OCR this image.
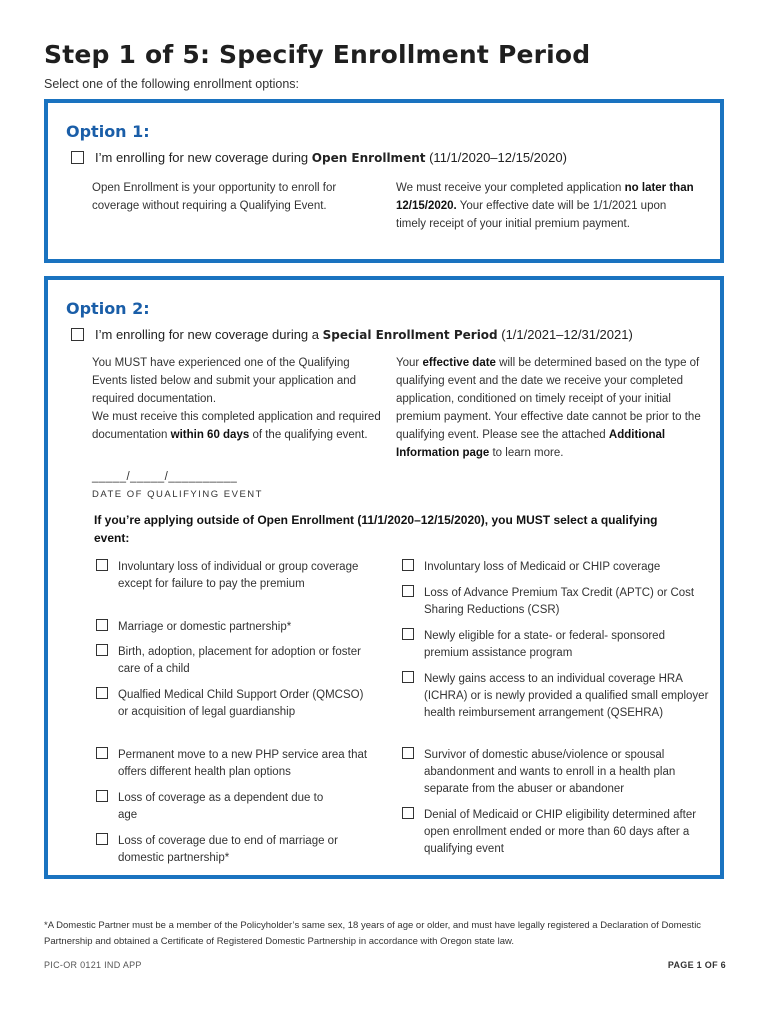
Step 1 of 5: Specify Enrollment Period
Select one of the following enrollment options:
Option 1:
I’m enrolling for new coverage during Open Enrollment (11/1/2020–12/15/2020)
Open Enrollment is your opportunity to enroll for coverage without requiring a Qualifying Event.
We must receive your completed application no later than 12/15/2020. Your effective date will be 1/1/2021 upon timely receipt of your initial premium payment.
Option 2:
I’m enrolling for new coverage during a Special Enrollment Period (1/1/2021–12/31/2021)
You MUST have experienced one of the Qualifying Events listed below and submit your application and required documentation.
We must receive this completed application and required documentation within 60 days of the qualifying event.
_____/_____/__________
DATE OF QUALIFYING EVENT
Your effective date will be determined based on the type of qualifying event and the date we receive your completed application, conditioned on timely receipt of your initial premium payment. Your effective date cannot be prior to the qualifying event. Please see the attached Additional Information page to learn more.
If you’re applying outside of Open Enrollment (11/1/2020–12/15/2020), you MUST select a qualifying event:
Involuntary loss of individual or group coverage except for failure to pay the premium
Marriage or domestic partnership*
Birth, adoption, placement for adoption or foster care of a child
Qualfied Medical Child Support Order (QMCSO) or acquisition of legal guardianship
Permanent move to a new PHP service area that offers different health plan options
Loss of coverage as a dependent due to age
Loss of coverage due to end of marriage or domestic partnership*
Involuntary loss of Medicaid or CHIP coverage
Loss of Advance Premium Tax Credit (APTC) or Cost Sharing Reductions (CSR)
Newly eligible for a state- or federal- sponsored premium assistance program
Newly gains access to an individual coverage HRA (ICHRA) or is newly provided a qualified small employer health reimbursement arrangement (QSEHRA)
Survivor of domestic abuse/violence or spousal abandonment and wants to enroll in a health plan separate from the abuser or abandoner
Denial of Medicaid or CHIP eligibility determined after open enrollment ended or more than 60 days after a qualifying event
*A Domestic Partner must be a member of the Policyholder’s same sex, 18 years of age or older, and must have legally registered a Declaration of Domestic Partnership and obtained a Certificate of Registered Domestic Partnership in accordance with Oregon state law.
PIC-OR 0121 IND APP	PAGE 1 OF 6
